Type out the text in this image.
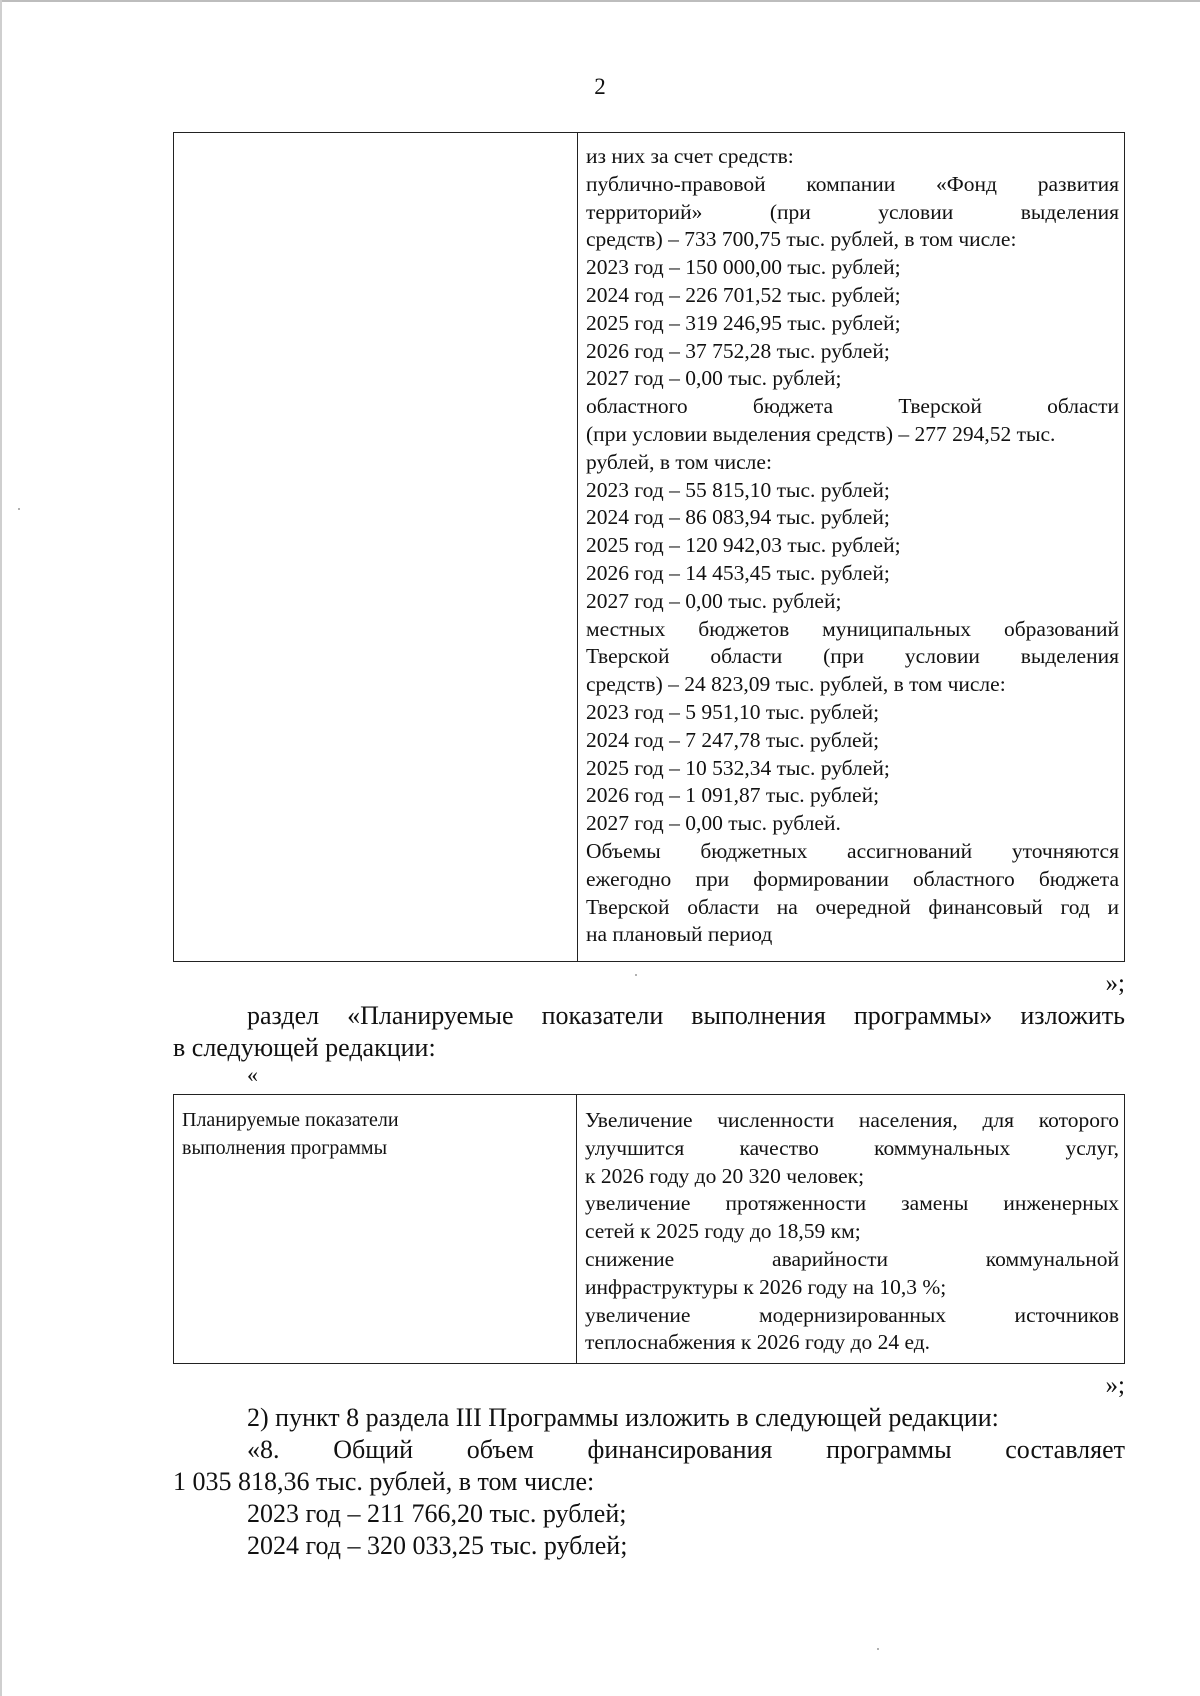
2

из них за счет средств:
публично-правовой компании «Фонд развития
территорий» (при условии выделения
средств) – 733 700,75 тыс. рублей, в том числе:
2023 год – 150 000,00 тыс. рублей;
2024 год – 226 701,52 тыс. рублей;
2025 год – 319 246,95 тыс. рублей;
2026 год – 37 752,28 тыс. рублей;
2027 год – 0,00 тыс. рублей;
областного бюджета Тверской области
(при условии выделения средств) – 277 294,52 тыс.
рублей, в том числе:
2023 год – 55 815,10 тыс. рублей;
2024 год – 86 083,94 тыс. рублей;
2025 год – 120 942,03 тыс. рублей;
2026 год – 14 453,45 тыс. рублей;
2027 год – 0,00 тыс. рублей;
местных бюджетов муниципальных образований
Тверской области (при условии выделения
средств) – 24 823,09 тыс. рублей, в том числе:
2023 год – 5 951,10 тыс. рублей;
2024 год – 7 247,78 тыс. рублей;
2025 год – 10 532,34 тыс. рублей;
2026 год – 1 091,87 тыс. рублей;
2027 год – 0,00 тыс. рублей.
Объемы бюджетных ассигнований уточняются
ежегодно при формировании областного бюджета
Тверской области на очередной финансовый год и
на плановый период
»;
раздел «Планируемые показатели выполнения программы» изложить
в следующей редакции:
«
Планируемые показатели
выполнения программы

Увеличение численности населения, для которого
улучшится качество коммунальных услуг,
к 2026 году до 20 320 человек;
увеличение протяженности замены инженерных
сетей к 2025 году до 18,59 км;
снижение аварийности коммунальной
инфраструктуры к 2026 году на 10,3 %;
увеличение модернизированных источников
теплоснабжения к 2026 году до 24 ед.
»;
2) пункт 8 раздела III Программы изложить в следующей редакции:
«8. Общий объем финансирования программы составляет
1 035 818,36 тыс. рублей, в том числе:
2023 год – 211 766,20 тыс. рублей;
2024 год – 320 033,25 тыс. рублей;
